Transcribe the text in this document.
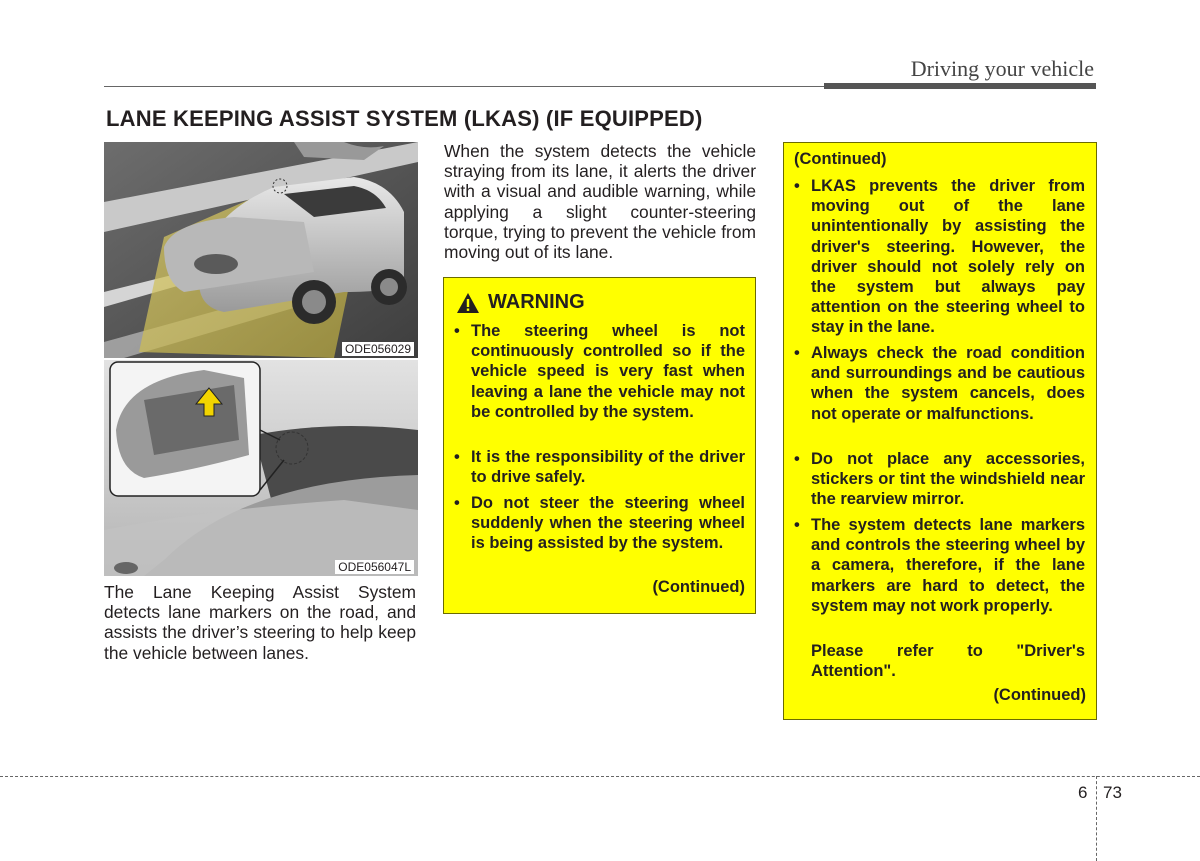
Driving your vehicle
LANE KEEPING ASSIST SYSTEM (LKAS) (IF EQUIPPED)
ODE056029
ODE056047L
The Lane Keeping Assist System detects lane markers on the road, and assists the driver’s steering to help keep the vehicle between lanes.
When the system detects the vehicle straying from its lane, it alerts the driver with a visual and audible warning, while applying a slight counter-steering torque, trying to prevent the vehicle from moving out of its lane.
WARNING
• The steering wheel is not continuously controlled so if the vehicle speed is very fast when leaving a lane the vehicle may not be controlled by the system.
• It is the responsibility of the driver to drive safely.
• Do not steer the steering wheel suddenly when the steering wheel is being assisted by the system.
(Continued)
(Continued)
• LKAS prevents the driver from moving out of the lane unintentionally by assisting the driver's steering. However, the driver should not solely rely on the system but always pay attention on the steering wheel to stay in the lane.
• Always check the road condition and surroundings and be cautious when the system cancels, does not operate or malfunctions.
• Do not place any accessories, stickers or tint the windshield near the rearview mirror.
• The system detects lane markers and controls the steering wheel by a camera, therefore, if the lane markers are hard to detect, the system may not work properly.
Please refer to "Driver's Attention".
(Continued)
6 73
